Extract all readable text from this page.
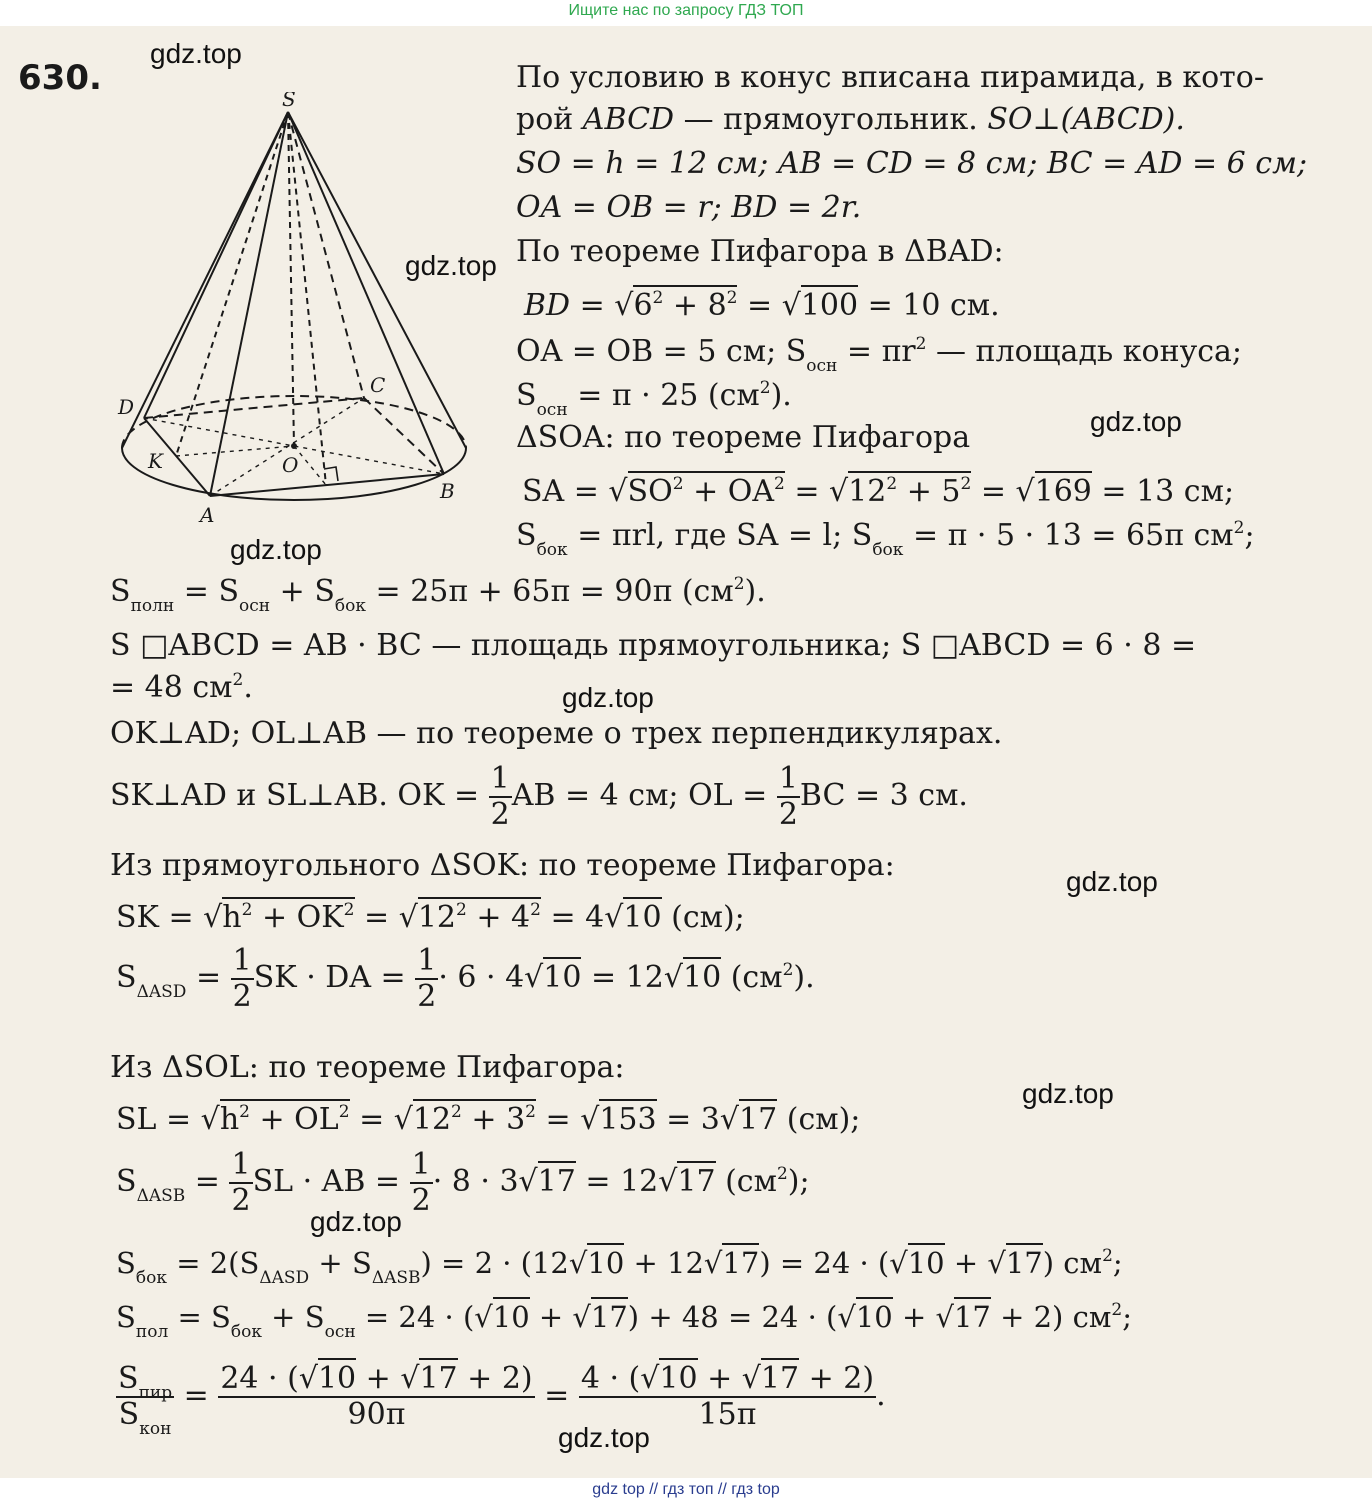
Ищите нас по запросу ГДЗ ТОП
630.
gdz.top
gdz.top
gdz.top
gdz.top
gdz.top
gdz.top
gdz.top
gdz.top
gdz.top
S
D
C
K	O
A
B
По условию в конус вписана пирамида, в кото-
рой ABCD — прямоугольник. SO⊥(ABCD).
SO = h = 12 см; AB = CD = 8 см; BC = AD = 6 см;
OA = OB = r; BD = 2r.
По теореме Пифагора в ΔBAD:
BD = $√6^2 + 8^2 = √100 = 10$ см.
OA = OB = 5 см; $S_{осн} = \pi r^2$ — площадь конуса;
$S_{осн} = \pi \cdot 25$ $(см^2)$.
ΔSOA: по теореме Пифагора
SA = $√SO^2 + OA^2 = √12^2 + 5^2 = √169 = 13$ см;
$S_{бок} = \pi rl$, где SA = l; $S_{бок} = \pi \cdot 5 \cdot 13 = 65\pi$ $см^2$;
$S_{полн} = S_{осн} + S_{бок} = 25\pi + 65\pi = 90\pi$ $(см^2)$.
S □ABCD = AB · BC — площадь прямоугольника; S □ABCD = 6 · 8 =
= 48 $см^2$.
OK⊥AD; OL⊥AB — по теореме о трех перпендикулярах.
SK⊥AD и SL⊥AB. OK = $\frac{1}{2}$ AB = 4 см; OL = $\frac{1}{2}$ BC = 3 см.
Из прямоугольного ΔSOK: по теореме Пифагора:
SK = $√h^2 + OK^2 = √12^2 + 4^2 = 4√10$ (см);
$S_{\Delta ASD} = \frac{1}{2}$ SK · DA = $\frac{1}{2} \cdot 6 \cdot 4√10 = 12√10$ $(см^2)$.
Из ΔSOL: по теореме Пифагора:
SL = $√h^2 + OL^2 = √12^2 + 3^2 = √153 = 3√17$ (см);
$S_{\Delta ASB} = \frac{1}{2}$ SL · AB = $\frac{1}{2} \cdot 8 \cdot 3√17 = 12√17$ $(см^2)$;
$S_{бок} = 2(S_{\Delta ASD} + S_{\Delta ASB}) = 2 \cdot (12√10 + 12√17) = 24 \cdot (√10 + √17)$ $см^2$;
$S_{пол} = S_{бок} + S_{осн} = 24 \cdot (√10 + √17) + 48 = 24 \cdot (√10 + √17 + 2)$ $см^2$;
$\frac{S_{пир}}{S_{кон}} = \frac{24 \cdot (√10 + √17 + 2)}{90\pi} = \frac{4 \cdot (√10 + √17 + 2)}{15\pi}$ .
gdz top // гдз топ // гдз top
